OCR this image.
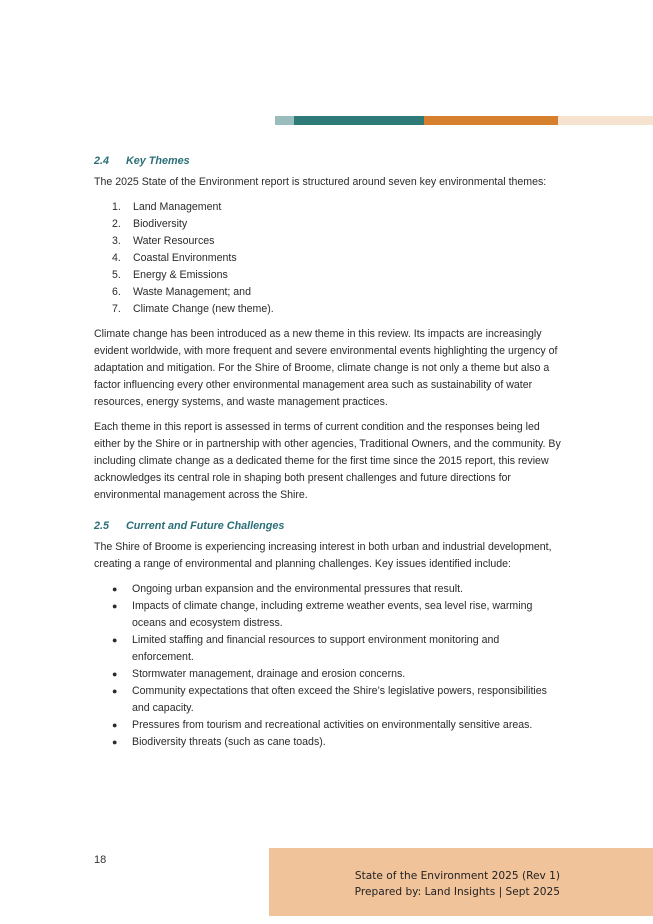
2.4	Key Themes

The 2025 State of the Environment report is structured around seven key environmental themes:

1.	Land Management
2.	Biodiversity
3.	Water Resources
4.	Coastal Environments
5.	Energy & Emissions
6.	Waste Management; and
7.	Climate Change (new theme).

Climate change has been introduced as a new theme in this review. Its impacts are increasingly evident worldwide, with more frequent and severe environmental events highlighting the urgency of adaptation and mitigation. For the Shire of Broome, climate change is not only a theme but also a factor influencing every other environmental management area such as sustainability of water resources, energy systems, and waste management practices.

Each theme in this report is assessed in terms of current condition and the responses being led either by the Shire or in partnership with other agencies, Traditional Owners, and the community. By including climate change as a dedicated theme for the first time since the 2015 report, this review acknowledges its central role in shaping both present challenges and future directions for environmental management across the Shire.

2.5	Current and Future Challenges

The Shire of Broome is experiencing increasing interest in both urban and industrial development, creating a range of environmental and planning challenges. Key issues identified include:

●	Ongoing urban expansion and the environmental pressures that result.
●	Impacts of climate change, including extreme weather events, sea level rise, warming oceans and ecosystem distress.
●	Limited staffing and financial resources to support environment monitoring and enforcement.
●	Stormwater management, drainage and erosion concerns.
●	Community expectations that often exceed the Shire’s legislative powers, responsibilities and capacity.
●	Pressures from tourism and recreational activities on environmentally sensitive areas.
●	Biodiversity threats (such as cane toads).
18
State of the Environment 2025 (Rev 1)
Prepared by: Land Insights | Sept 2025
